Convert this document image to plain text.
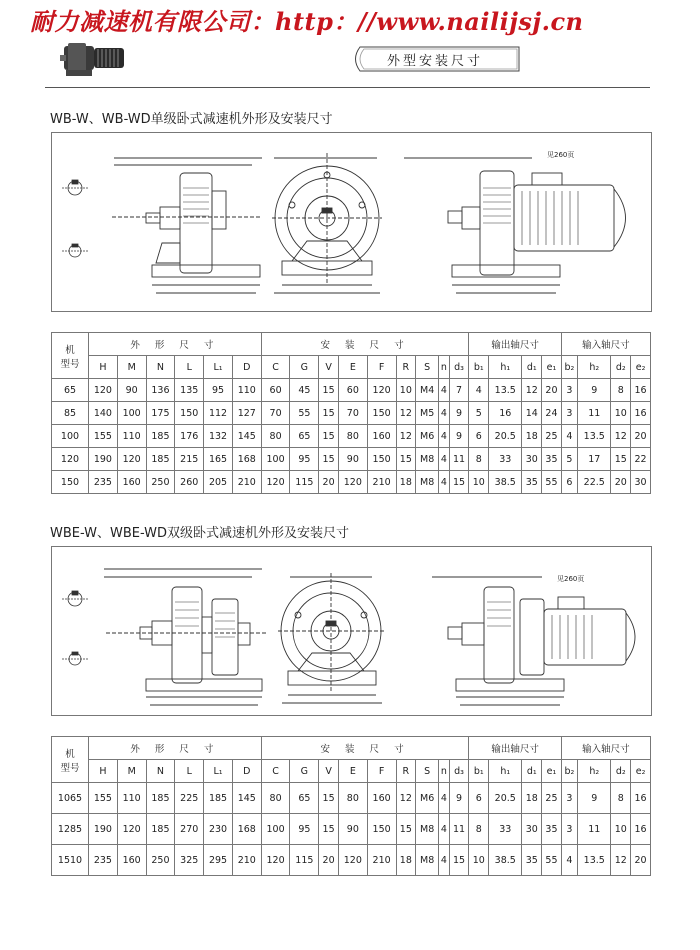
耐力减速机有限公司：http：//www.nailijsj.cn
外型安装尺寸
WB-W、WB-WD单级卧式减速机外形及安装尺寸
见260页
机
型号	外 形 尺 寸						安 装 尺 寸									输出轴尺寸				输入轴尺寸			
	H	M	N	L	L₁	D	C	G	V	E	F	R	S	n	d₃	b₁	h₁	d₁	e₁	b₂	h₂	d₂	e₂
65	120	90	136	135	95	110	60	45	15	60	120	10	M4	4	7	4	13.5	12	20	3	9	8	16
85	140	100	175	150	112	127	70	55	15	70	150	12	M5	4	9	5	16	14	24	3	11	10	16
100	155	110	185	176	132	145	80	65	15	80	160	12	M6	4	9	6	20.5	18	25	4	13.5	12	20
120	190	120	185	215	165	168	100	95	15	90	150	15	M8	4	11	8	33	30	35	5	17	15	22
150	235	160	250	260	205	210	120	115	20	120	210	18	M8	4	15	10	38.5	35	55	6	22.5	20	30
WBE-W、WBE-WD双级卧式减速机外形及安装尺寸
见260页
机
型号	外 形 尺 寸						安 装 尺 寸									输出轴尺寸				输入轴尺寸			
	H	M	N	L	L₁	D	C	G	V	E	F	R	S	n	d₃	b₁	h₁	d₁	e₁	b₂	h₂	d₂	e₂
1065	155	110	185	225	185	145	80	65	15	80	160	12	M6	4	9	6	20.5	18	25	3	9	8	16
1285	190	120	185	270	230	168	100	95	15	90	150	15	M8	4	11	8	33	30	35	3	11	10	16
1510	235	160	250	325	295	210	120	115	20	120	210	18	M8	4	15	10	38.5	35	55	4	13.5	12	20
